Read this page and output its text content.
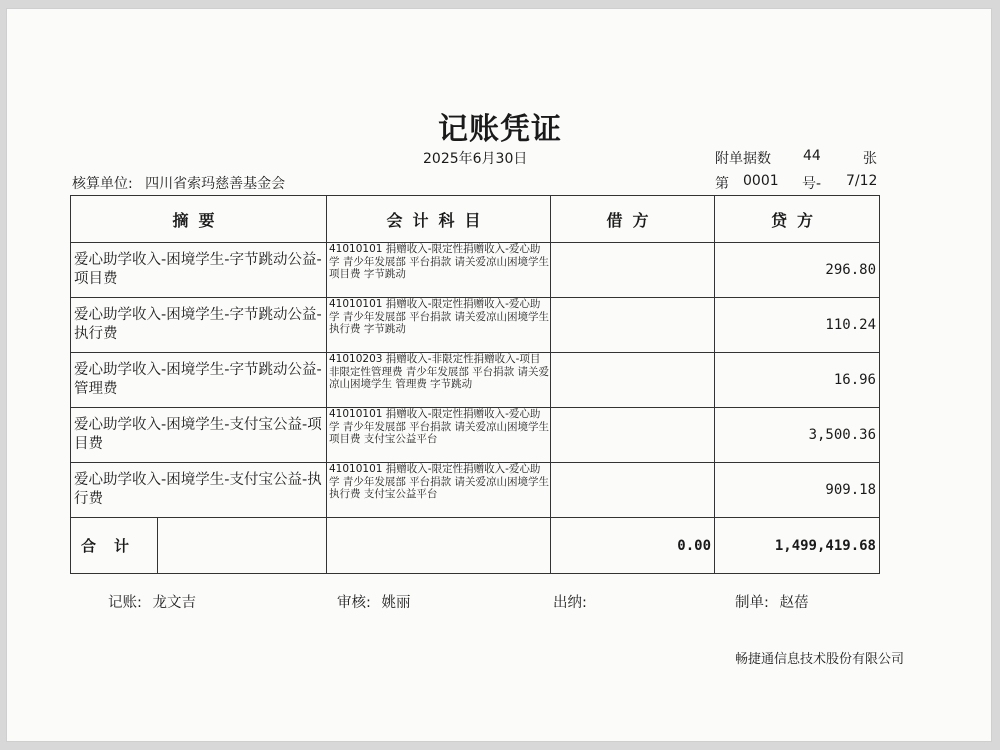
记账凭证
2025年6月30日	附单据数 44	张
核算单位: 四川省索玛慈善基金会	第 0001 号- 7/12
摘要		会计科目	借方	贷方
爱心助学收入-困境学生-字节跳动公益-项目费		41010101 捐赠收入-限定性捐赠收入-爱心助学 青少年发展部 平台捐款 请关爱凉山困境学生 项目费 字节跳动		296.80
爱心助学收入-困境学生-字节跳动公益-执行费		41010101 捐赠收入-限定性捐赠收入-爱心助学 青少年发展部 平台捐款 请关爱凉山困境学生 执行费 字节跳动		110.24
爱心助学收入-困境学生-字节跳动公益-管理费		41010203 捐赠收入-非限定性捐赠收入-项目非限定性管理费 青少年发展部 平台捐款 请关爱凉山困境学生 管理费 字节跳动		16.96
爱心助学收入-困境学生-支付宝公益-项目费		41010101 捐赠收入-限定性捐赠收入-爱心助学 青少年发展部 平台捐款 请关爱凉山困境学生 项目费 支付宝公益平台		3,500.36
爱心助学收入-困境学生-支付宝公益-执行费		41010101 捐赠收入-限定性捐赠收入-爱心助学 青少年发展部 平台捐款 请关爱凉山困境学生 执行费 支付宝公益平台		909.18
合计			0.00	1,499,419.68
记账: 龙文吉	审核: 姚丽	出纳:	制单: 赵蓓
畅捷通信息技术股份有限公司
